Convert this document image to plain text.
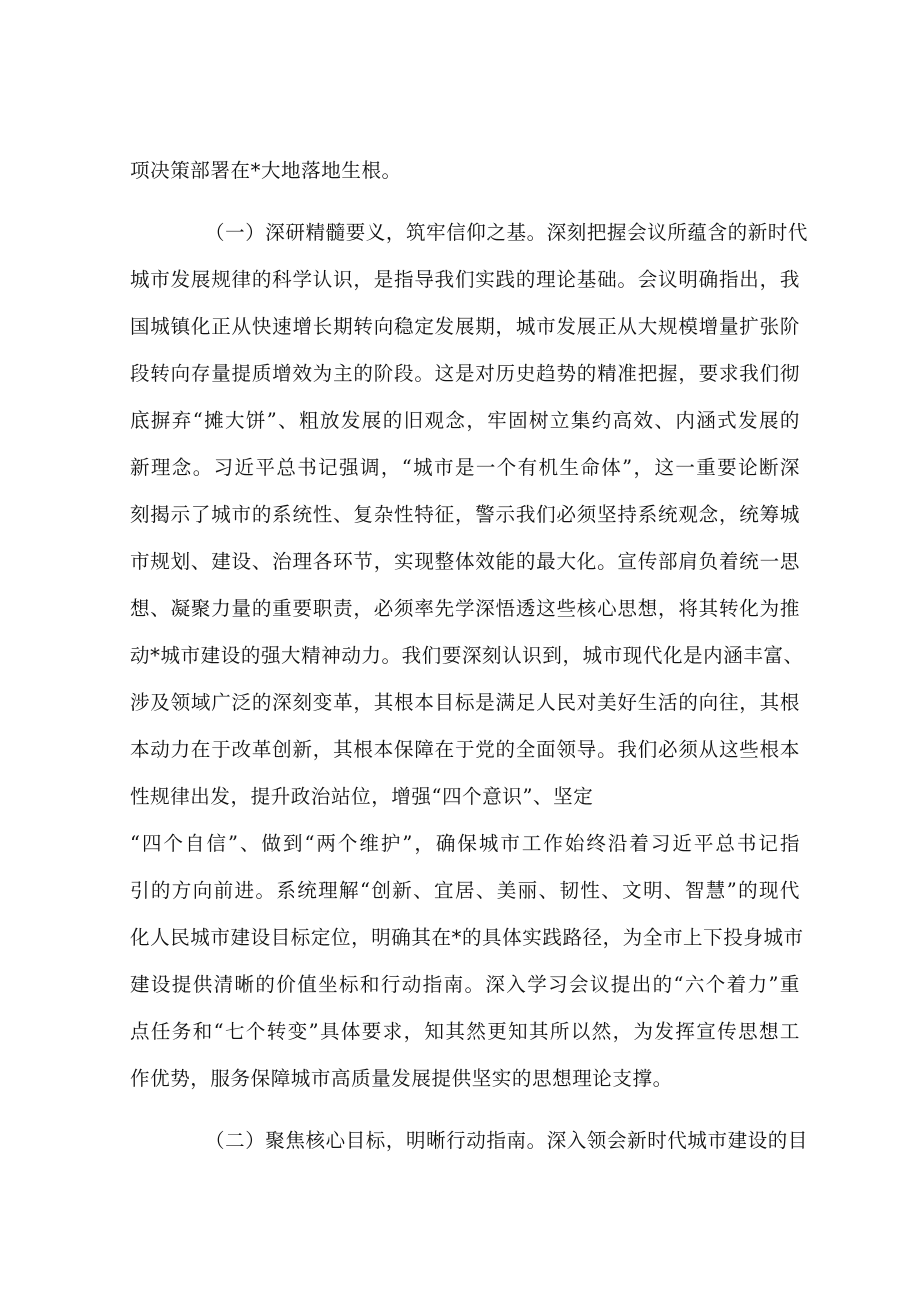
项决策部署在*大地落地生根。
（一）深研精髓要义，筑牢信仰之基。深刻把握会议所蕴含的新时代
城市发展规律的科学认识，是指导我们实践的理论基础。会议明确指出，我
国城镇化正从快速增长期转向稳定发展期，城市发展正从大规模增量扩张阶
段转向存量提质增效为主的阶段。这是对历史趋势的精准把握，要求我们彻
底摒弃“摊大饼”、粗放发展的旧观念，牢固树立集约高效、内涵式发展的
新理念。习近平总书记强调，“城市是一个有机生命体”，这一重要论断深
刻揭示了城市的系统性、复杂性特征，警示我们必须坚持系统观念，统筹城
市规划、建设、治理各环节，实现整体效能的最大化。宣传部肩负着统一思
想、凝聚力量的重要职责，必须率先学深悟透这些核心思想，将其转化为推
动*城市建设的强大精神动力。我们要深刻认识到，城市现代化是内涵丰富、
涉及领域广泛的深刻变革，其根本目标是满足人民对美好生活的向往，其根
本动力在于改革创新，其根本保障在于党的全面领导。我们必须从这些根本
性规律出发，提升政治站位，增强“四个意识”、坚定
“四个自信”、做到“两个维护”，确保城市工作始终沿着习近平总书记指
引的方向前进。系统理解“创新、宜居、美丽、韧性、文明、智慧”的现代
化人民城市建设目标定位，明确其在*的具体实践路径，为全市上下投身城市
建设提供清晰的价值坐标和行动指南。深入学习会议提出的“六个着力”重
点任务和“七个转变”具体要求，知其然更知其所以然，为发挥宣传思想工
作优势，服务保障城市高质量发展提供坚实的思想理论支撑。
（二）聚焦核心目标，明晰行动指南。深入领会新时代城市建设的目
